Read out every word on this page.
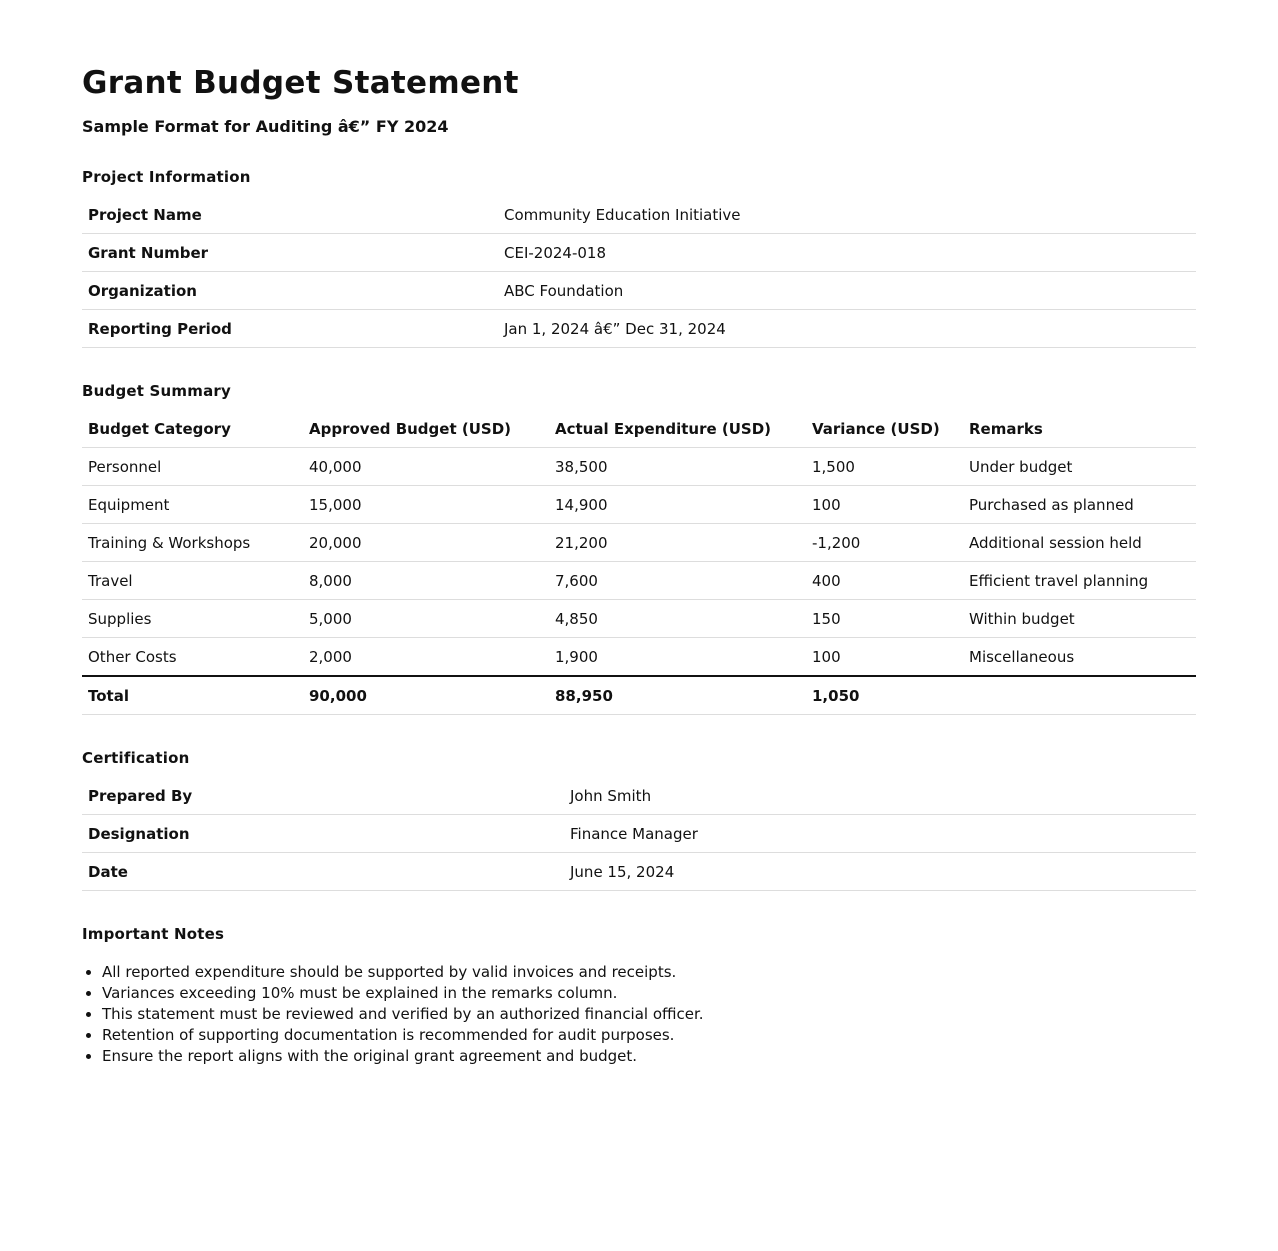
Grant Budget Statement
Sample Format for Auditing â€” FY 2024
Project Information
Project Name	Community Education Initiative
Grant Number	CEI-2024-018
Organization	ABC Foundation
Reporting Period	Jan 1, 2024 â€” Dec 31, 2024
Budget Summary
Budget Category	Approved Budget (USD)	Actual Expenditure (USD)	Variance (USD)	Remarks
Personnel	40,000	38,500	1,500	Under budget
Equipment	15,000	14,900	100	Purchased as planned
Training & Workshops	20,000	21,200	-1,200	Additional session held
Travel	8,000	7,600	400	Efficient travel planning
Supplies	5,000	4,850	150	Within budget
Other Costs	2,000	1,900	100	Miscellaneous
Total	90,000	88,950	1,050	
Certification
Prepared By	John Smith
Designation	Finance Manager
Date	June 15, 2024
Important Notes
• All reported expenditure should be supported by valid invoices and receipts.
• Variances exceeding 10% must be explained in the remarks column.
• This statement must be reviewed and verified by an authorized financial officer.
• Retention of supporting documentation is recommended for audit purposes.
• Ensure the report aligns with the original grant agreement and budget.
